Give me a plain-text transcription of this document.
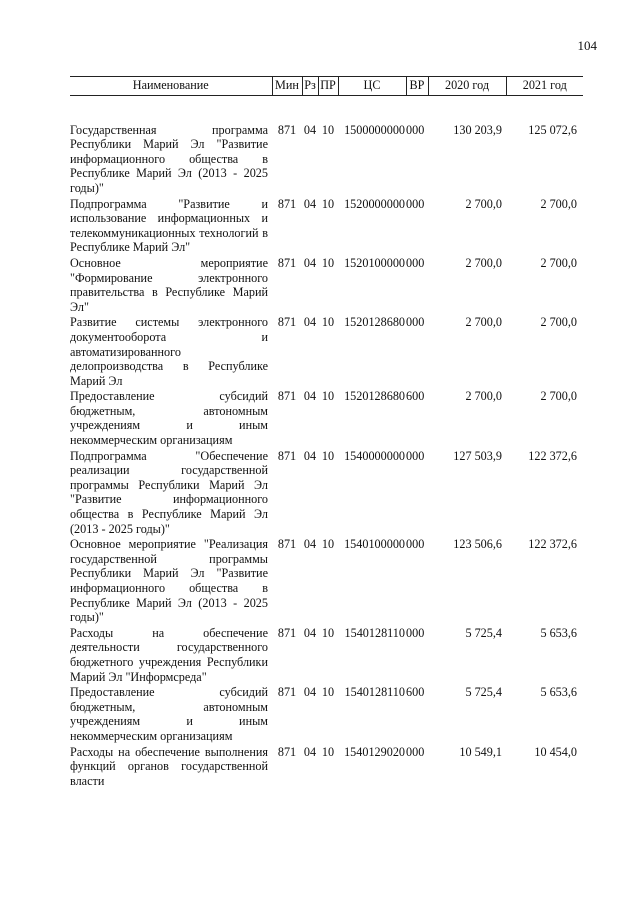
104
Наименование	Мин	Рз	ПР	ЦС	ВР	2020 год	2021 год
Государственная программа Республики Марий Эл "Развитие информационного общества в Республике Марий Эл (2013 - 2025 годы)"	871	04	10	1500000000	000	130 203,9	125 072,6
Подпрограмма "Развитие и использование информационных и телекоммуникационных технологий в Республике Марий Эл"	871	04	10	1520000000	000	2 700,0	2 700,0
Основное мероприятие "Формирование электронного правительства в Республике Марий Эл"	871	04	10	1520100000	000	2 700,0	2 700,0
Развитие системы электронного документооборота и автоматизированного делопроизводства в Республике Марий Эл	871	04	10	1520128680	000	2 700,0	2 700,0
Предоставление субсидий бюджетным, автономным учреждениям и иным некоммерческим организациям	871	04	10	1520128680	600	2 700,0	2 700,0
Подпрограмма "Обеспечение реализации государственной программы Республики Марий Эл "Развитие информационного общества в Республике Марий Эл (2013 - 2025 годы)"	871	04	10	1540000000	000	127 503,9	122 372,6
Основное мероприятие "Реализация государственной программы Республики Марий Эл "Развитие информационного общества в Республике Марий Эл (2013 - 2025 годы)"	871	04	10	1540100000	000	123 506,6	122 372,6
Расходы на обеспечение деятельности государственного бюджетного учреждения Республики Марий Эл "Информсреда"	871	04	10	1540128110	000	5 725,4	5 653,6
Предоставление субсидий бюджетным, автономным учреждениям и иным некоммерческим организациям	871	04	10	1540128110	600	5 725,4	5 653,6
Расходы на обеспечение выполнения функций органов государственной власти	871	04	10	1540129020	000	10 549,1	10 454,0
